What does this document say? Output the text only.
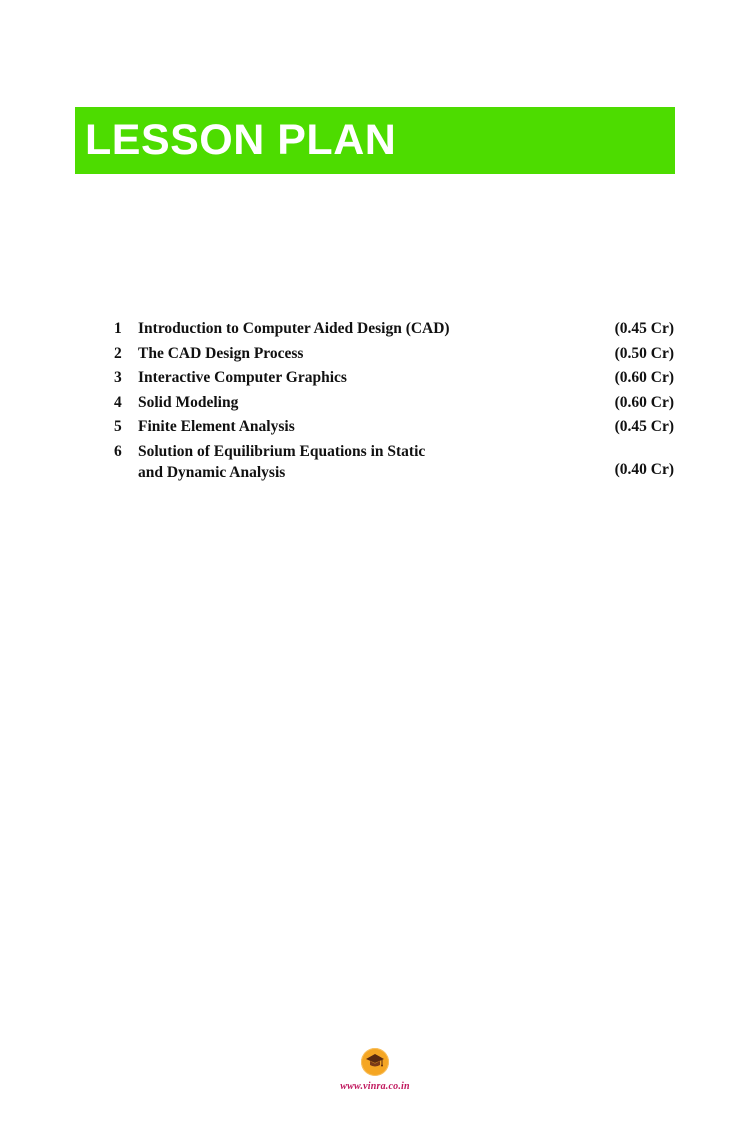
LESSON PLAN
1	Introduction to Computer Aided Design (CAD)	(0.45 Cr)
2	The CAD Design Process	(0.50 Cr)
3	Interactive Computer Graphics	(0.60 Cr)
4	Solid Modeling	(0.60 Cr)
5	Finite Element Analysis	(0.45 Cr)
6	Solution of Equilibrium Equations in Static
and Dynamic Analysis	(0.40 Cr)
www.vinra.co.in
